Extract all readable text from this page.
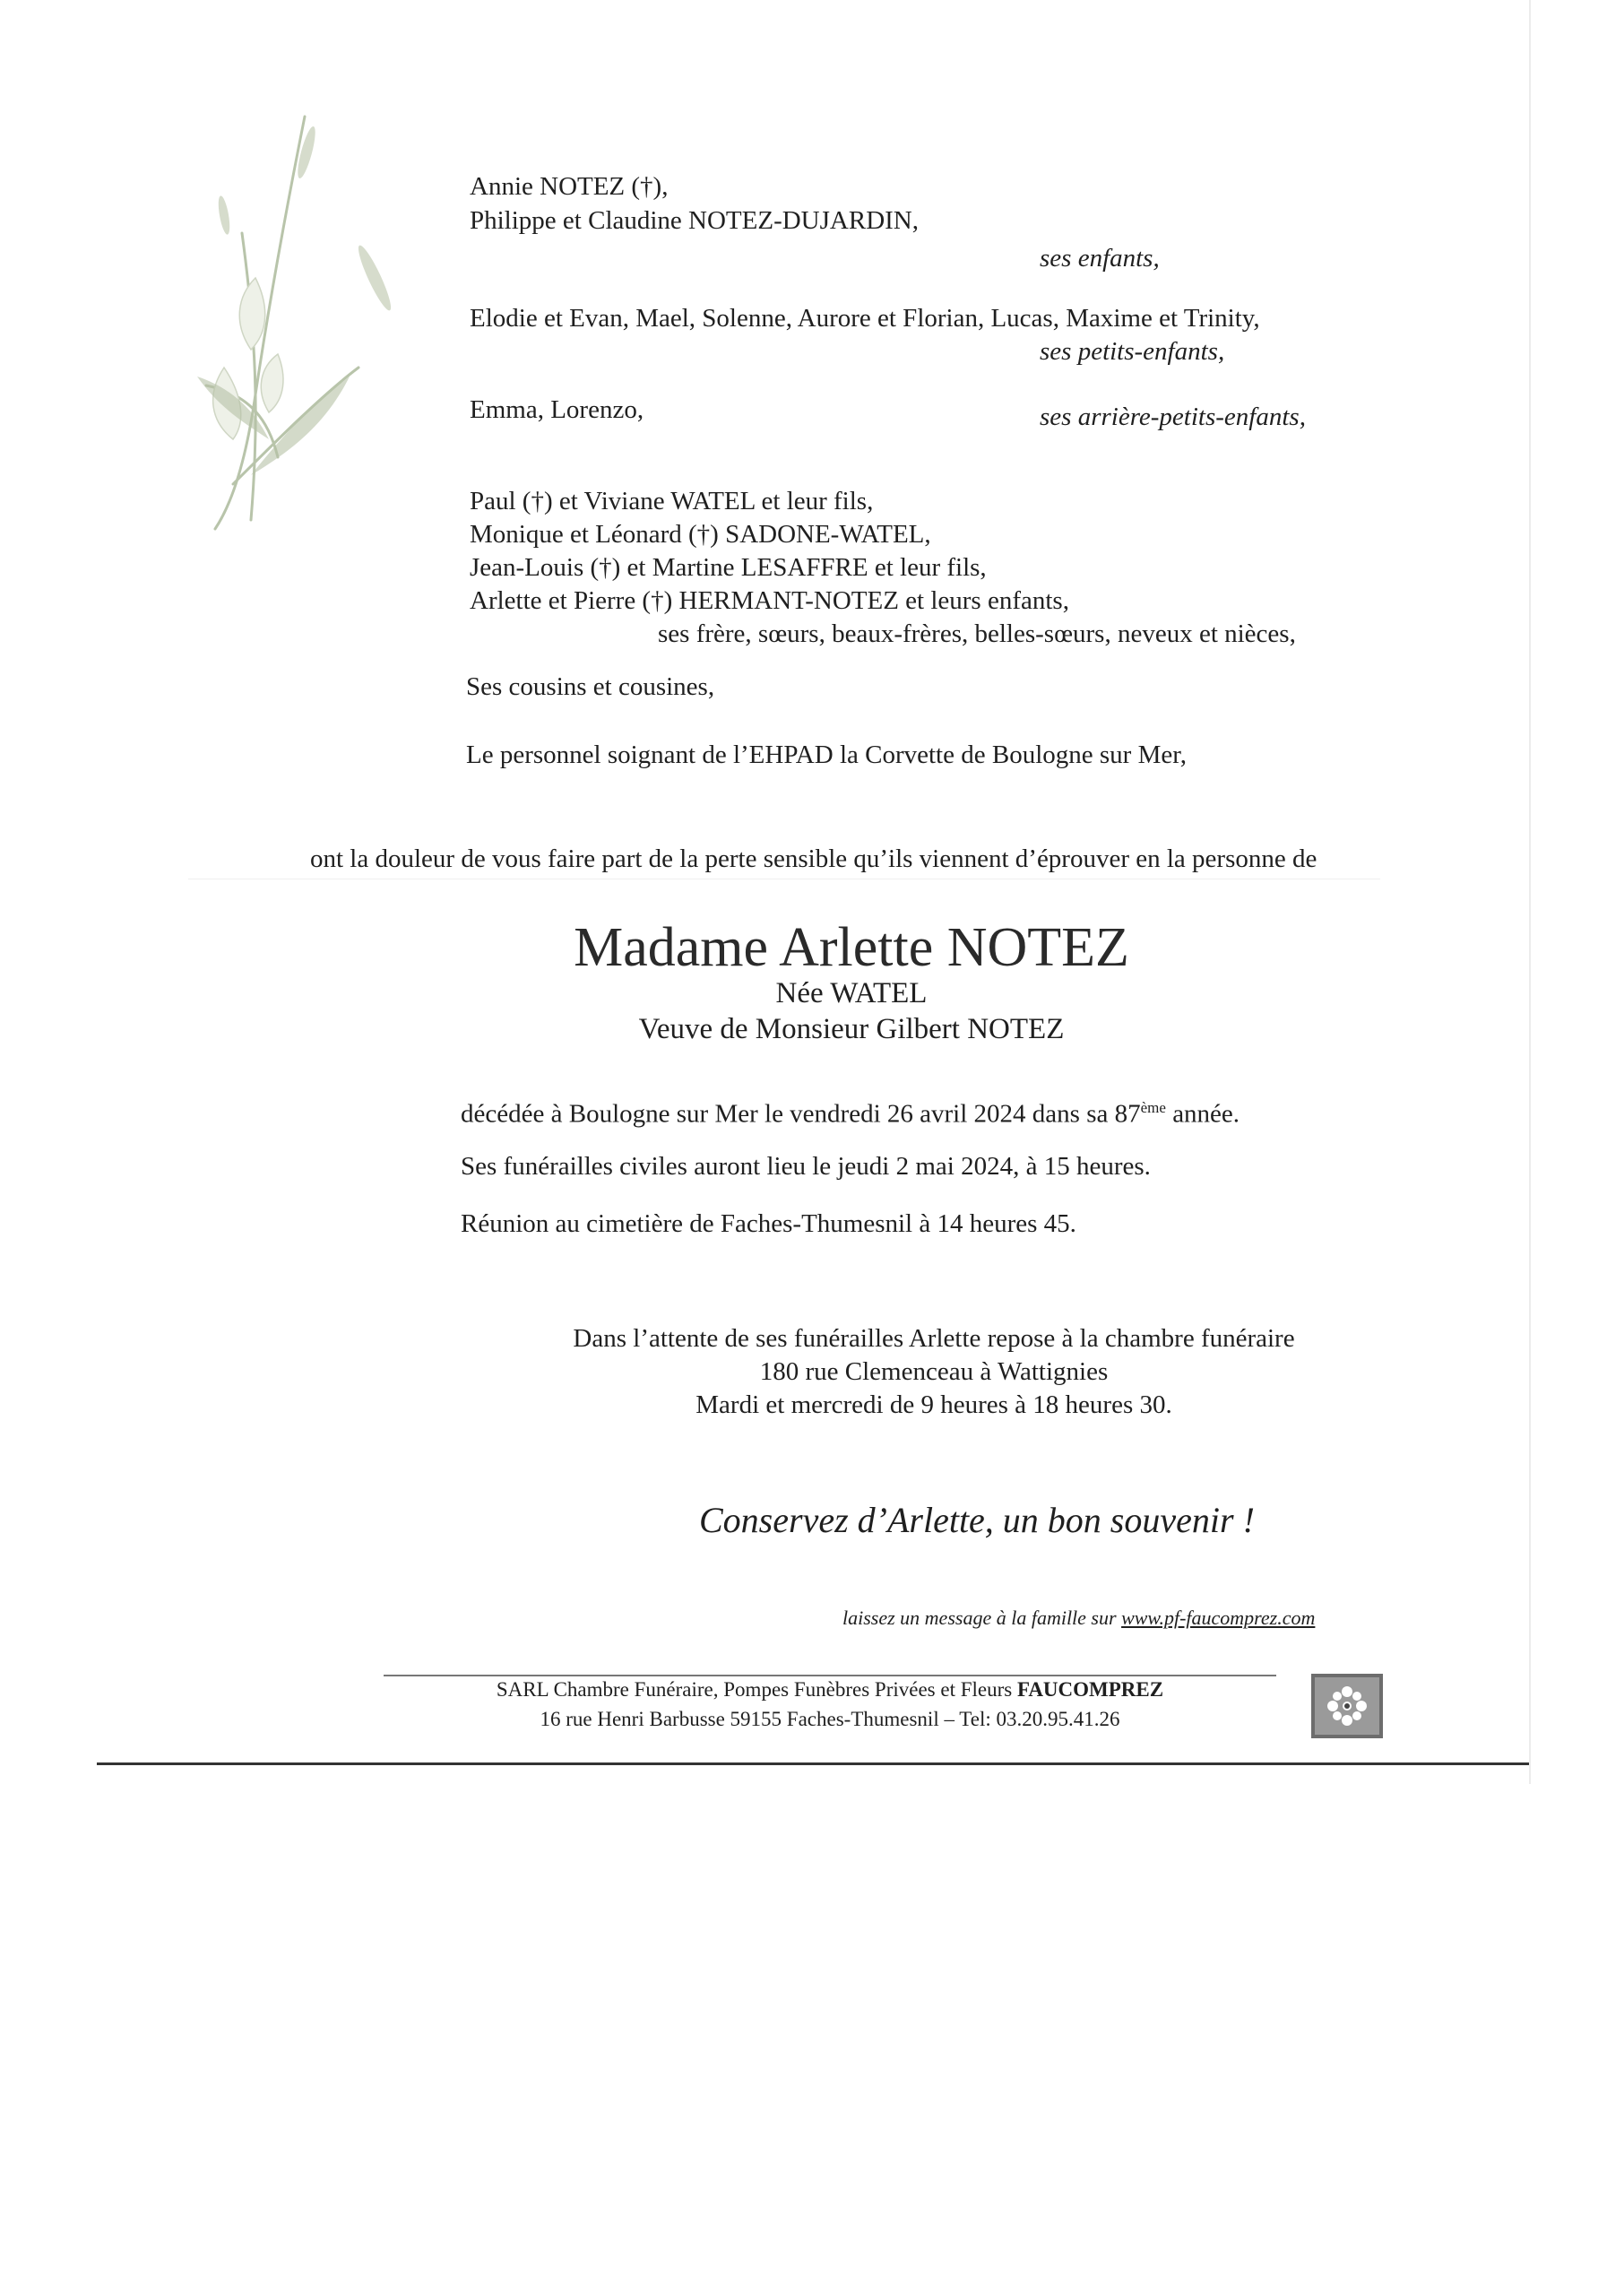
Annie NOTEZ (†),
Philippe et Claudine NOTEZ-DUJARDIN,
ses enfants,
Elodie et Evan, Mael, Solenne, Aurore et Florian, Lucas, Maxime et Trinity,
ses petits-enfants,
Emma, Lorenzo,	ses arrière-petits-enfants,
Paul (†) et Viviane WATEL et leur fils,
Monique et Léonard (†) SADONE-WATEL,
Jean-Louis (†) et Martine LESAFFRE et leur fils,
Arlette et Pierre (†) HERMANT-NOTEZ et leurs enfants,
ses frère, sœurs, beaux-frères, belles-sœurs, neveux et nièces,
Ses cousins et cousines,
Le personnel soignant de l’EHPAD la Corvette de Boulogne sur Mer,
ont la douleur de vous faire part de la perte sensible qu’ils viennent d’éprouver en la personne de
Madame Arlette NOTEZ
Née WATEL
Veuve de Monsieur Gilbert NOTEZ
décédée à Boulogne sur Mer le vendredi 26 avril 2024 dans sa 87ème année.
Ses funérailles civiles auront lieu le jeudi 2 mai 2024, à 15 heures.
Réunion au cimetière de Faches-Thumesnil à 14 heures 45.
Dans l’attente de ses funérailles Arlette repose à la chambre funéraire
180 rue Clemenceau à Wattignies
Mardi et mercredi de 9 heures à 18 heures 30.
Conservez d’Arlette, un bon souvenir !
laissez un message à la famille sur www.pf-faucomprez.com
SARL Chambre Funéraire, Pompes Funèbres Privées et Fleurs FAUCOMPREZ
16 rue Henri Barbusse 59155 Faches-Thumesnil – Tel: 03.20.95.41.26
